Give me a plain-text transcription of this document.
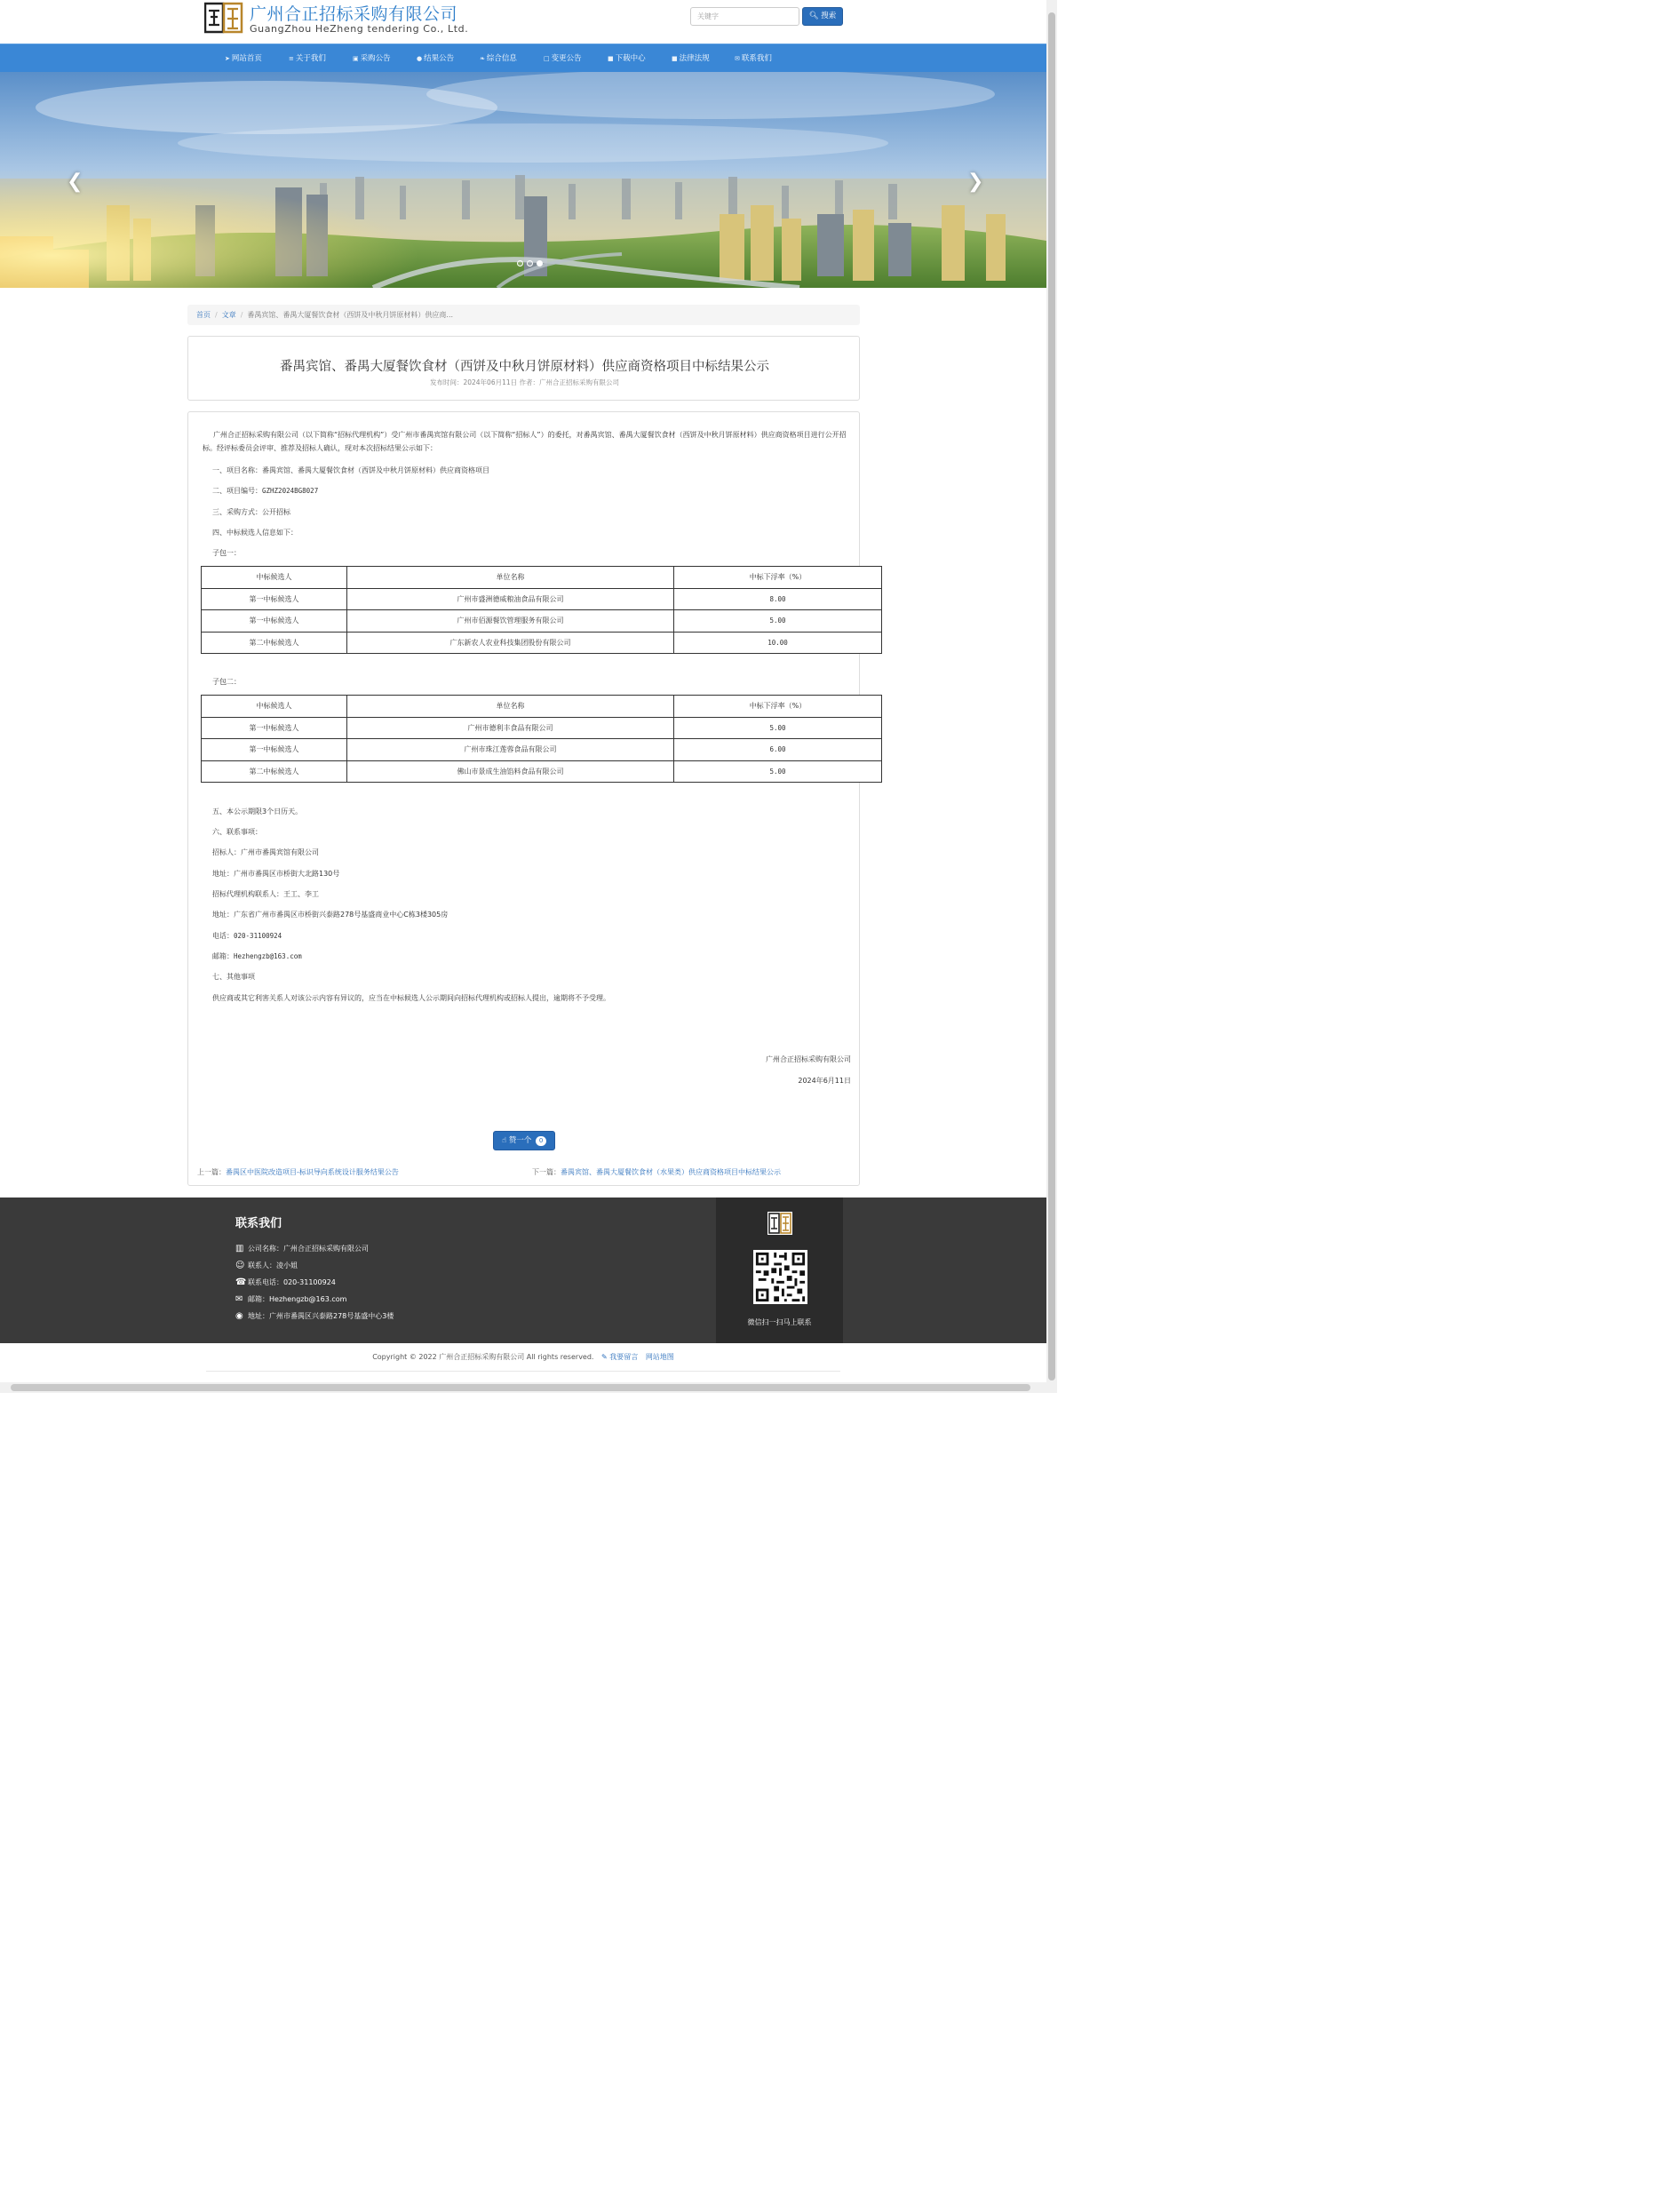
广州合正招标采购有限公司
GuangZhou HeZheng tendering Co., Ltd.
关键字	🔍︎ 搜索
➤ 网站首页	≡ 关于我们	▣ 采购公告	● 结果公告	❧ 综合信息	□ 变更公告	■ 下载中心	■ 法律法规	✉ 联系我们
❮	❯
首页 / 文章 / 番禺宾馆、番禺大厦餐饮食材（西饼及中秋月饼原材料）供应商...
番禺宾馆、番禺大厦餐饮食材（西饼及中秋月饼原材料）供应商资格项目中标结果公示
发布时间：2024年06月11日 作者：广州合正招标采购有限公司
广州合正招标采购有限公司（以下简称“招标代理机构”）受广州市番禺宾馆有限公司（以下简称“招标人”）的委托，对番禺宾馆、番禺大厦餐饮食材（西饼及中秋月饼原材料）供应商资格项目进行公开招标。经评标委员会评审、推荐及招标人确认，现对本次招标结果公示如下：
一、项目名称：番禺宾馆、番禺大厦餐饮食材（西饼及中秋月饼原材料）供应商资格项目
二、项目编号：GZHZ2024BG8027
三、采购方式：公开招标
四、中标候选人信息如下：
子包一：
中标候选人	单位名称	中标下浮率（%）
第一中标候选人	广州市盛洲德威粮油食品有限公司	8.00
第一中标候选人	广州市佰源餐饮管理服务有限公司	5.00
第二中标候选人	广东新农人农业科技集团股份有限公司	10.00
子包二：
中标候选人	单位名称	中标下浮率（%）
第一中标候选人	广州市德利丰食品有限公司	5.00
第一中标候选人	广州市珠江莲蓉食品有限公司	6.00
第二中标候选人	佛山市景成生油馅料食品有限公司	5.00
五、本公示期限3个日历天。
六、联系事项：
招标人：广州市番禺宾馆有限公司
地址：广州市番禺区市桥街大北路130号
招标代理机构联系人：王工、李工
地址：广东省广州市番禺区市桥街兴泰路278号基盛商业中心C栋3楼305房
电话：020-31100924
邮箱：Hezhengzb@163.com
七、其他事项
供应商或其它利害关系人对该公示内容有异议的，应当在中标候选人公示期间向招标代理机构或招标人提出，逾期将不予受理。
广州合正招标采购有限公司
2024年6月11日
☝ 赞一个 0
上一篇：番禺区中医院改造项目-标识导向系统设计服务结果公告	下一篇：番禺宾馆、番禺大厦餐饮食材（水果类）供应商资格项目中标结果公示
联系我们
▥ 公司名称：广州合正招标采购有限公司
☺ 联系人：凌小姐
☎ 联系电话：020-31100924
✉ 邮箱：Hezhengzb@163.com
◉ 地址：广州市番禺区兴泰路278号基盛中心3楼
微信扫一扫马上联系
Copyright © 2022 广州合正招标采购有限公司 All rights reserved. ✎ 我要留言 网站地图
